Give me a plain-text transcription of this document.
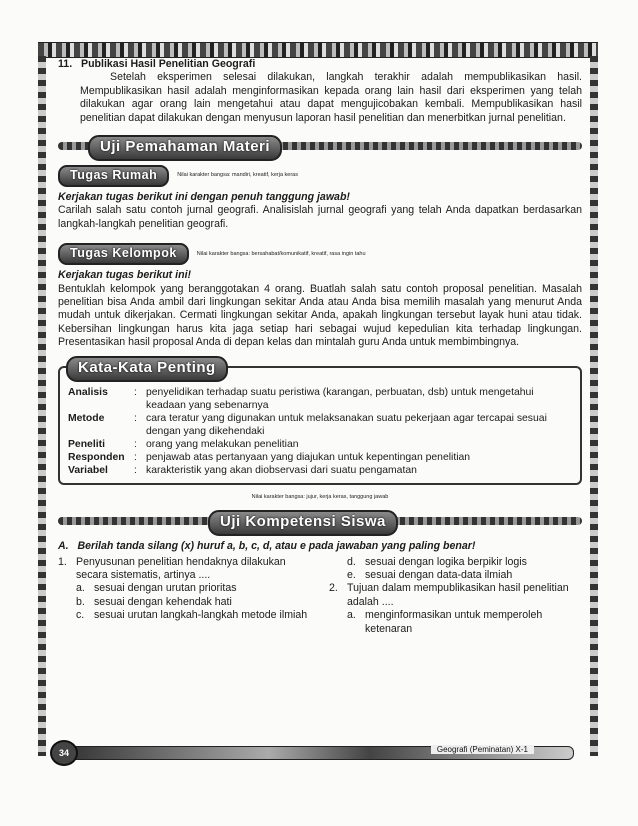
11. Publikasi Hasil Penelitian Geografi

Setelah eksperimen selesai dilakukan, langkah terakhir adalah mempublikasikan hasil. Mempublikasikan hasil adalah menginformasikan kepada orang lain hasil dari eksperimen yang telah dilakukan agar orang lain mengetahui atau dapat mengujicobakan kembali. Mempublikasikan hasil penelitian dapat dilakukan dengan menyusun laporan hasil penelitian dan menerbitkan jurnal penelitian.

Uji Pemahaman Materi
Tugas Rumah	Nilai karakter bangsa: mandiri, kreatif, kerja keras

Kerjakan tugas berikut ini dengan penuh tanggung jawab!

Carilah salah satu contoh jurnal geografi. Analisislah jurnal geografi yang telah Anda dapatkan berdasarkan langkah-langkah penelitian geografi.

Tugas Kelompok	Nilai karakter bangsa: bersahabat/komunikatif, kreatif, rasa ingin tahu

Kerjakan tugas berikut ini!

Bentuklah kelompok yang beranggotakan 4 orang. Buatlah salah satu contoh proposal penelitian. Masalah penelitian bisa Anda ambil dari lingkungan sekitar Anda atau Anda bisa memilih masalah yang menurut Anda mudah untuk dikerjakan. Cermati lingkungan sekitar Anda, apakah lingkungan tersebut layak huni atau tidak. Kebersihan lingkungan harus kita jaga setiap hari sebagai wujud kepedulian kita terhadap lingkungan. Presentasikan hasil proposal Anda di depan kelas dan mintalah guru Anda untuk membimbingnya.

Kata-Kata Penting
Analisis	: penyelidikan terhadap suatu peristiwa (karangan, perbuatan, dsb) untuk mengetahui keadaan yang sebenarnya
Metode	: cara teratur yang digunakan untuk melaksanakan suatu pekerjaan agar tercapai sesuai dengan yang dikehendaki
Peneliti	: orang yang melakukan penelitian
Responden : penjawab atas pertanyaan yang diajukan untuk kepentingan penelitian
Variabel	: karakteristik yang akan diobservasi dari suatu pengamatan
Nilai karakter bangsa: jujur, kerja keras, tanggung jawab
Uji Kompetensi Siswa

A. Berilah tanda silang (x) huruf a, b, c, d, atau e pada jawaban yang paling benar!

1. Penyusunan penelitian hendaknya dilakukan secara sistematis, artinya ....
a. sesuai dengan urutan prioritas
b. sesuai dengan kehendak hati
c. sesuai urutan langkah-langkah metode ilmiah
d. sesuai dengan logika berpikir logis
e. sesuai dengan data-data ilmiah
2. Tujuan dalam mempublikasikan hasil penelitian adalah ....
a. menginformasikan untuk memperoleh ketenaran
34	Geografi (Peminatan) X-1
